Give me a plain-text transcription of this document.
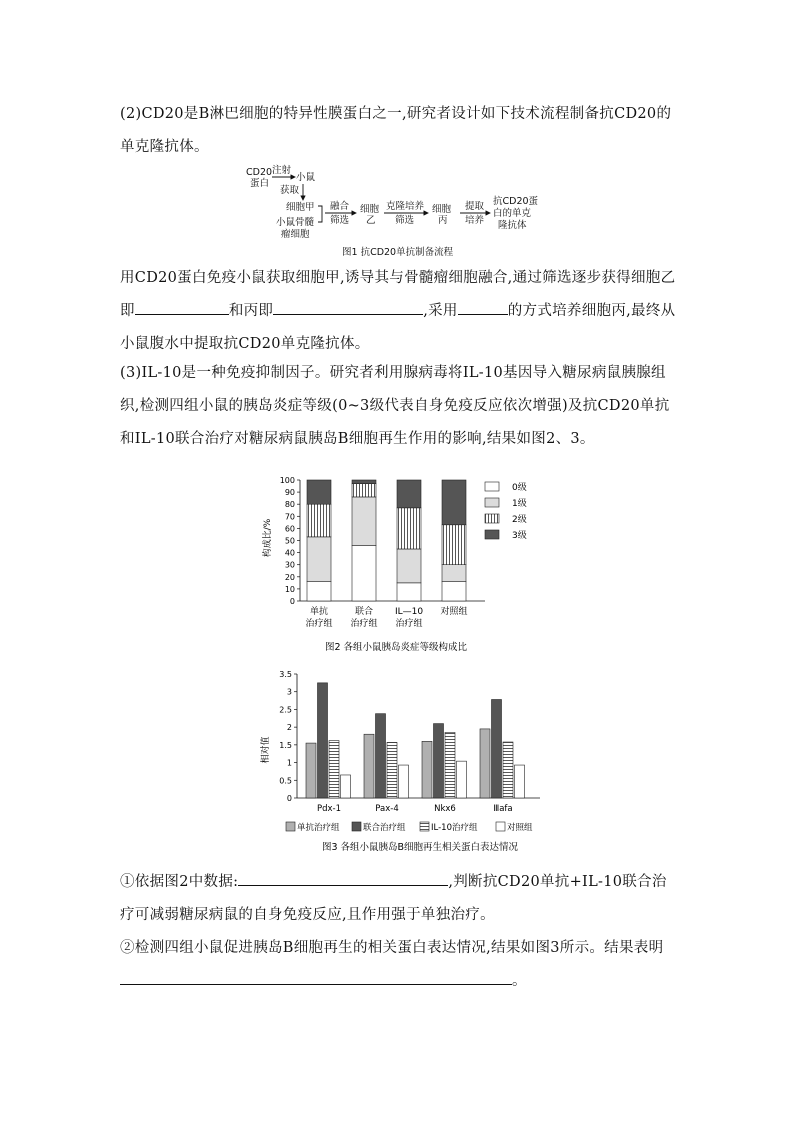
(2)CD20是B淋巴细胞的特异性膜蛋白之一,研究者设计如下技术流程制备抗CD20的单克隆抗体。
CD20
蛋白
注射
小鼠
获取
细胞甲
小鼠骨髓
瘤细胞
融合
筛选
细胞
乙
克隆培养
筛选
细胞
丙
提取
培养
抗CD20蛋
白的单克
隆抗体
图1 抗CD20单抗制备流程
用CD20蛋白免疫小鼠获取细胞甲,诱导其与骨髓瘤细胞融合,通过筛选逐步获得细胞乙即	和丙即	,采用	的方式培养细胞丙,最终从小鼠腹水中提取抗CD20单克隆抗体。
(3)IL-10是一种免疫抑制因子。研究者利用腺病毒将IL-10基因导入糖尿病鼠胰腺组织,检测四组小鼠的胰岛炎症等级(0~3级代表自身免疫反应依次增强)及抗CD20单抗和IL-10联合治疗对糖尿病鼠胰岛B细胞再生作用的影响,结果如图2、3。
构成比/%
0
10
20
30
40
50
60
70
80
90
100
单抗
治疗组
联合
治疗组
IL—10
治疗组
对照组
0级
1级
2级
3级
图2 各组小鼠胰岛炎症等级构成比
相对值
0
0.5
1
1.5
2
2.5
3
3.5
Pdx-1	Pax-4	Nkx6	Ⅲafa
单抗治疗组	联合治疗组	IL-10治疗组	对照组
图3 各组小鼠胰岛B细胞再生相关蛋白表达情况
①依据图2中数据:	,判断抗CD20单抗+IL-10联合治疗可减弱糖尿病鼠的自身免疫反应,且作用强于单独治疗。
②检测四组小鼠促进胰岛B细胞再生的相关蛋白表达情况,结果如图3所示。结果表明
。
